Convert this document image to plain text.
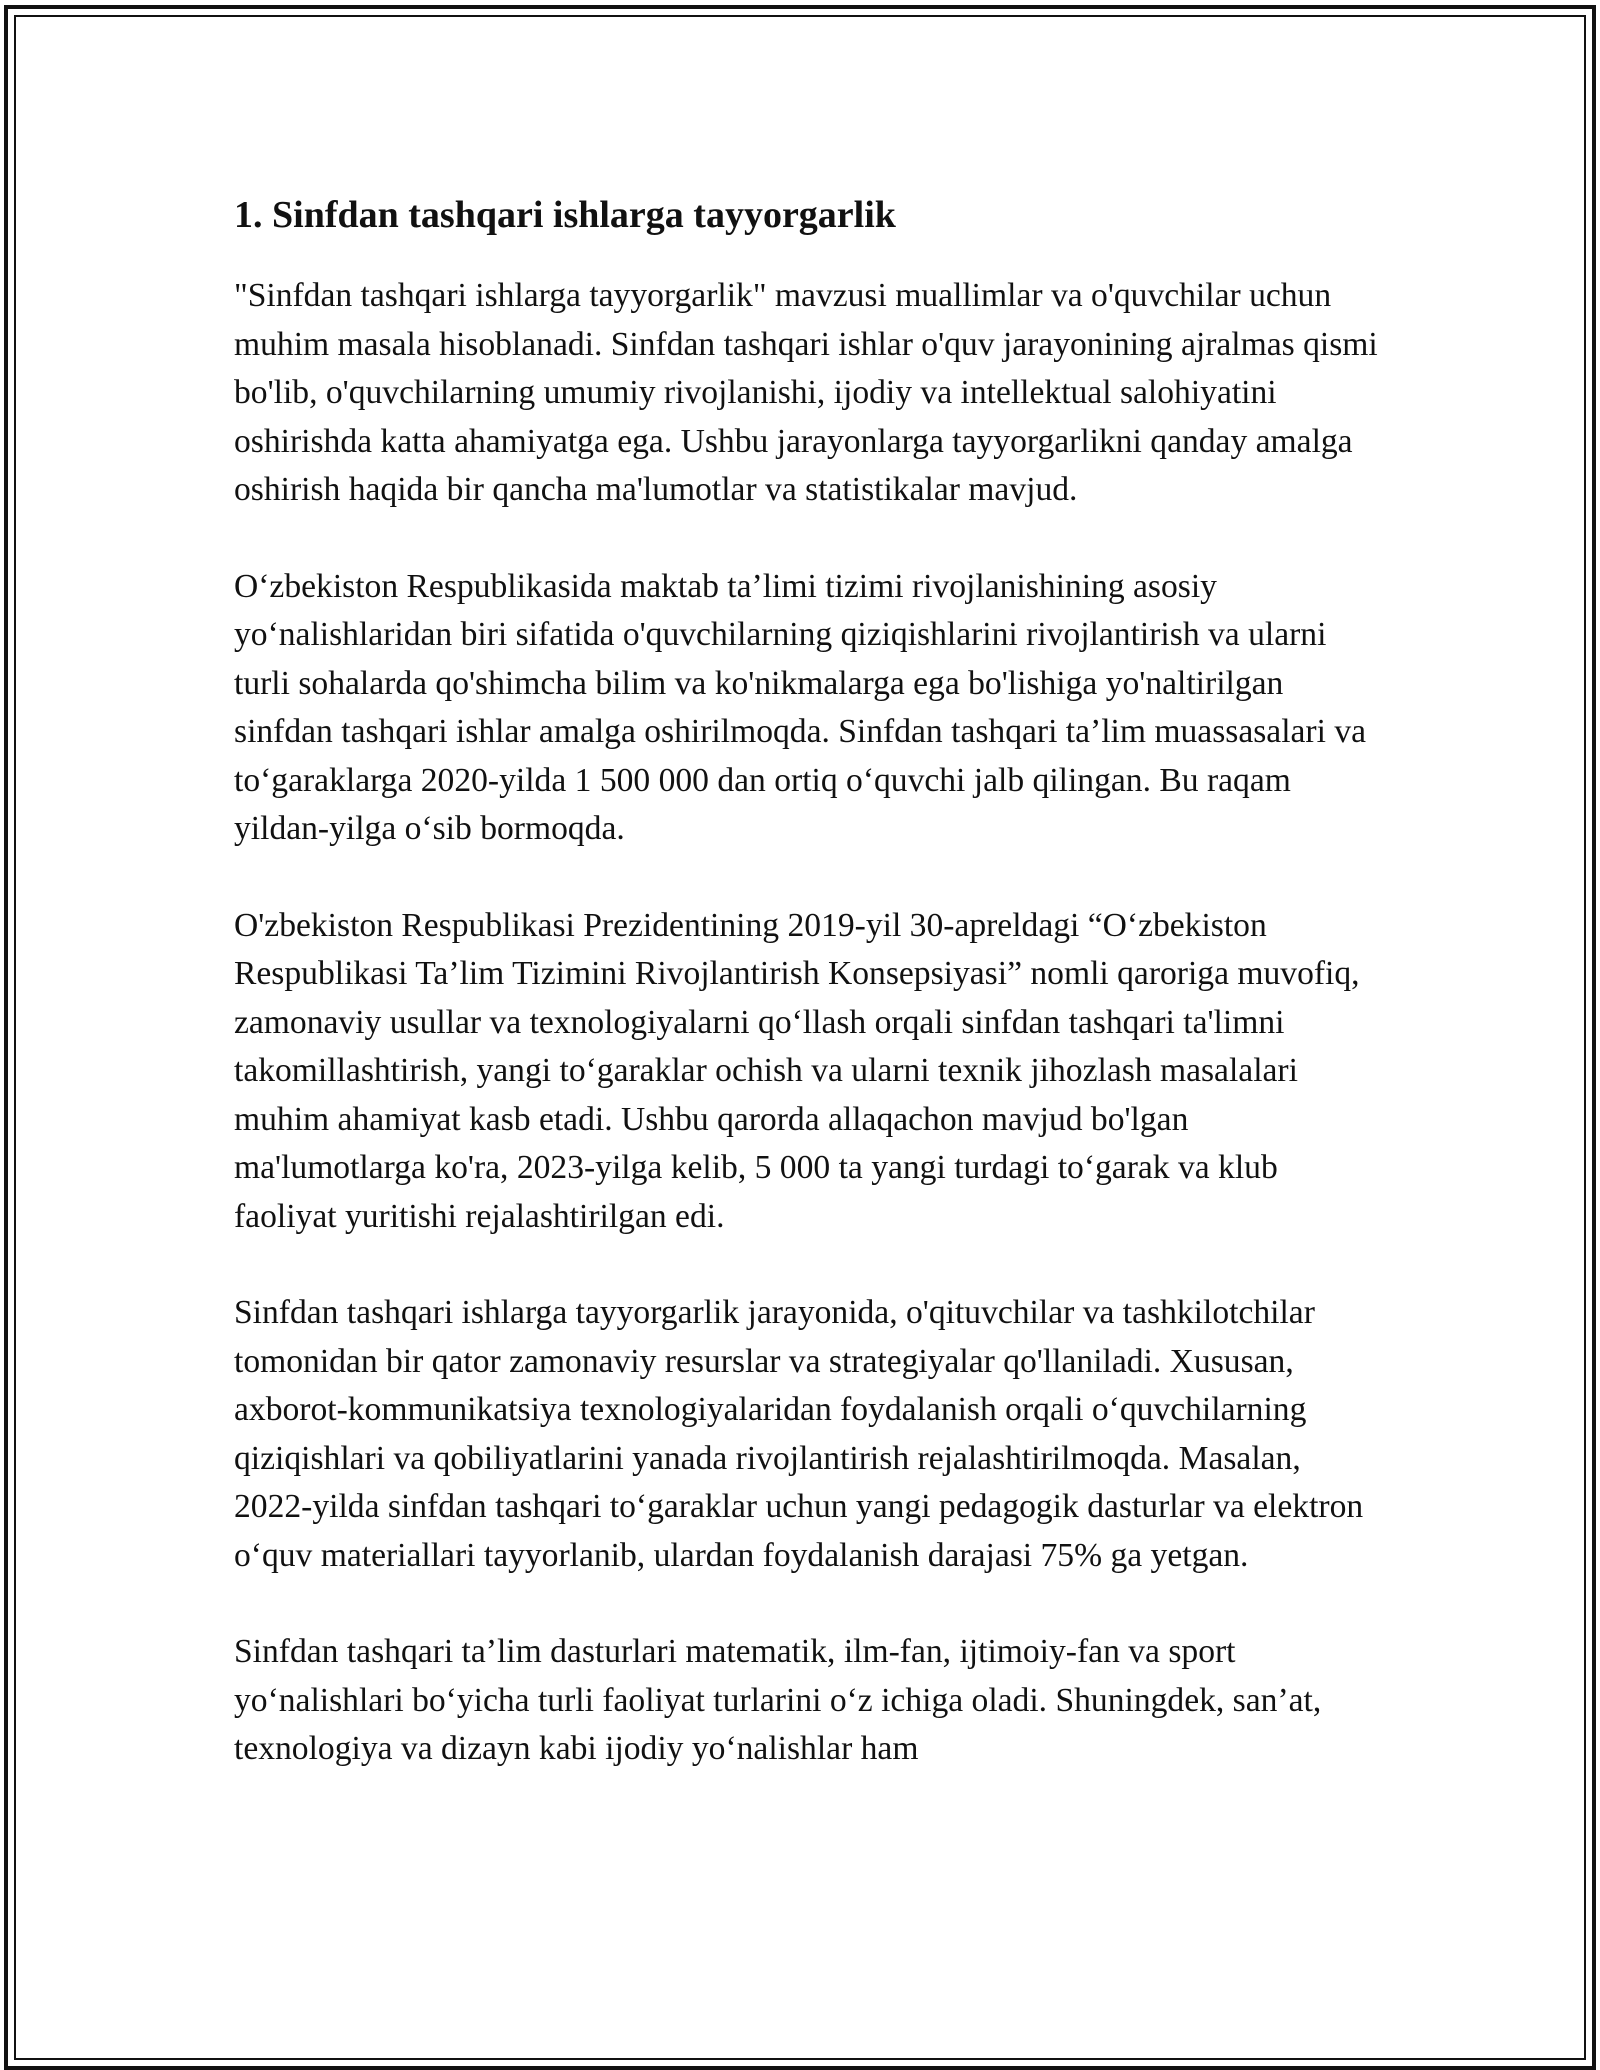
1. Sinfdan tashqari ishlarga tayyorgarlik

"Sinfdan tashqari ishlarga tayyorgarlik" mavzusi muallimlar va o'quvchilar uchun muhim masala hisoblanadi. Sinfdan tashqari ishlar o'quv jarayonining ajralmas qismi bo'lib, o'quvchilarning umumiy rivojlanishi, ijodiy va intellektual salohiyatini oshirishda katta ahamiyatga ega. Ushbu jarayonlarga tayyorgarlikni qanday amalga oshirish haqida bir qancha ma'lumotlar va statistikalar mavjud.

O‘zbekiston Respublikasida maktab ta’limi tizimi rivojlanishining asosiy yo‘nalishlaridan biri sifatida o'quvchilarning qiziqishlarini rivojlantirish va ularni turli sohalarda qo'shimcha bilim va ko'nikmalarga ega bo'lishiga yo'naltirilgan sinfdan tashqari ishlar amalga oshirilmoqda. Sinfdan tashqari ta’lim muassasalari va to‘garaklarga 2020-yilda 1 500 000 dan ortiq o‘quvchi jalb qilingan. Bu raqam yildan-yilga o‘sib bormoqda.

O'zbekiston Respublikasi Prezidentining 2019-yil 30-apreldagi “O‘zbekiston Respublikasi Ta’lim Tizimini Rivojlantirish Konsepsiyasi” nomli qaroriga muvofiq, zamonaviy usullar va texnologiyalarni qo‘llash orqali sinfdan tashqari ta'limni takomillashtirish, yangi to‘garaklar ochish va ularni texnik jihozlash masalalari muhim ahamiyat kasb etadi. Ushbu qarorda allaqachon mavjud bo'lgan ma'lumotlarga ko'ra, 2023-yilga kelib, 5 000 ta yangi turdagi to‘garak va klub faoliyat yuritishi rejalashtirilgan edi.

Sinfdan tashqari ishlarga tayyorgarlik jarayonida, o'qituvchilar va tashkilotchilar tomonidan bir qator zamonaviy resurslar va strategiyalar qo'llaniladi. Xususan, axborot-kommunikatsiya texnologiyalaridan foydalanish orqali o‘quvchilarning qiziqishlari va qobiliyatlarini yanada rivojlantirish rejalashtirilmoqda. Masalan, 2022-yilda sinfdan tashqari to‘garaklar uchun yangi pedagogik dasturlar va elektron o‘quv materiallari tayyorlanib, ulardan foydalanish darajasi 75% ga yetgan.

Sinfdan tashqari ta’lim dasturlari matematik, ilm-fan, ijtimoiy-fan va sport yo‘nalishlari bo‘yicha turli faoliyat turlarini o‘z ichiga oladi. Shuningdek, san’at, texnologiya va dizayn kabi ijodiy yo‘nalishlar ham
